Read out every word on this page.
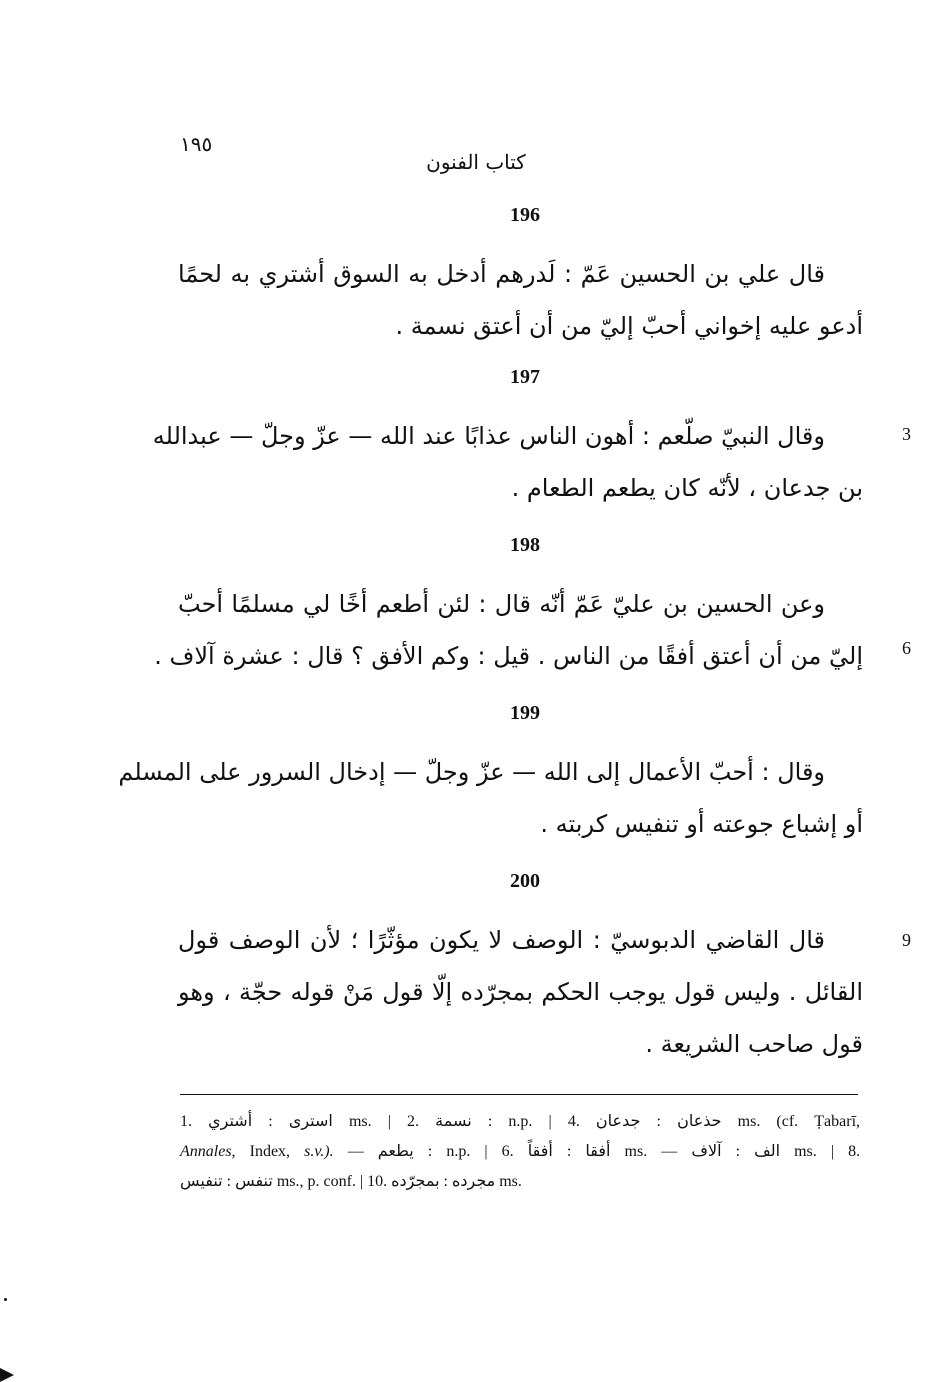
١٩٥
كتاب الفنون
196
قال علي بن الحسين عَمّ : لَدرهم أدخل به السوق أشتري به لحمًا
أدعو عليه إخواني أحبّ إليّ من أن أعتق نسمة .
197
3
وقال النبيّ صلّعم : أهون الناس عذابًا عند الله — عزّ وجلّ — عبدالله
بن جدعان ، لأنّه كان يطعم الطعام .
198
6
وعن الحسين بن عليّ عَمّ أنّه قال : لئن أطعم أخًا لي مسلمًا أحبّ
إليّ من أن أعتق أفقًا من الناس . قيل : وكم الأفق ؟ قال : عشرة آلاف .
199
وقال : أحبّ الأعمال إلى الله — عزّ وجلّ — إدخال السرور على المسلم
أو إشباع جوعته أو تنفيس كربته .
200
9
قال القاضي الدبوسيّ : الوصف لا يكون مؤثّرًا ؛ لأن الوصف قول
القائل . وليس قول يوجب الحكم بمجرّده إلّا قول مَنْ قوله حجّة ، وهو
قول صاحب الشريعة .
1. أشتري : استرى ms. | 2. نسمة : n.p. | 4. جدعان : حذعان ms. (cf. Ṭabarī,
Annales, Index, s.v.). — يطعم : n.p. | 6. أفقاً : أفقا ms. — آلاف : الف ms. | 8.
تنفيس : تنفس ms., p. conf. | 10. بمجرّده : مجرده ms.
